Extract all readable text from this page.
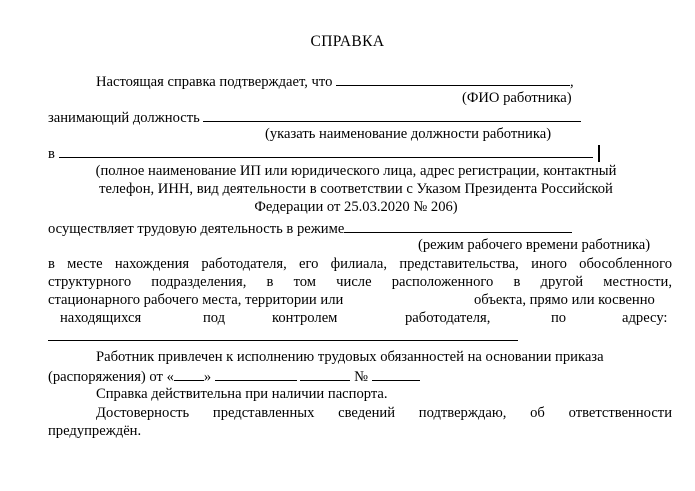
СПРАВКА
Настоящая справка подтверждает, что	,
(ФИО работника)
занимающий должность
(указать наименование должности работника)
в
(полное наименование ИП или юридического лица, адрес регистрации, контактный
телефон, ИНН, вид деятельности в соответствии с Указом Президента Российской
Федерации от 25.03.2020 № 206)
осуществляет трудовую деятельность в режиме
(режим рабочего времени работника)
в месте нахождения работодателя, его филиала, представительства, иного обособленного
структурного подразделения, в том числе расположенного в другой местности,
стационарного рабочего места, территории или	объекта, прямо или косвенно
находящихся	под	контролем	работодателя,	по	адресу:
Работник привлечен к исполнению трудовых обязанностей на основании приказа
(распоряжения) от « »	№
Справка действительна при наличии паспорта.
Достоверность представленных сведений подтверждаю, об ответственности
предупреждён.
